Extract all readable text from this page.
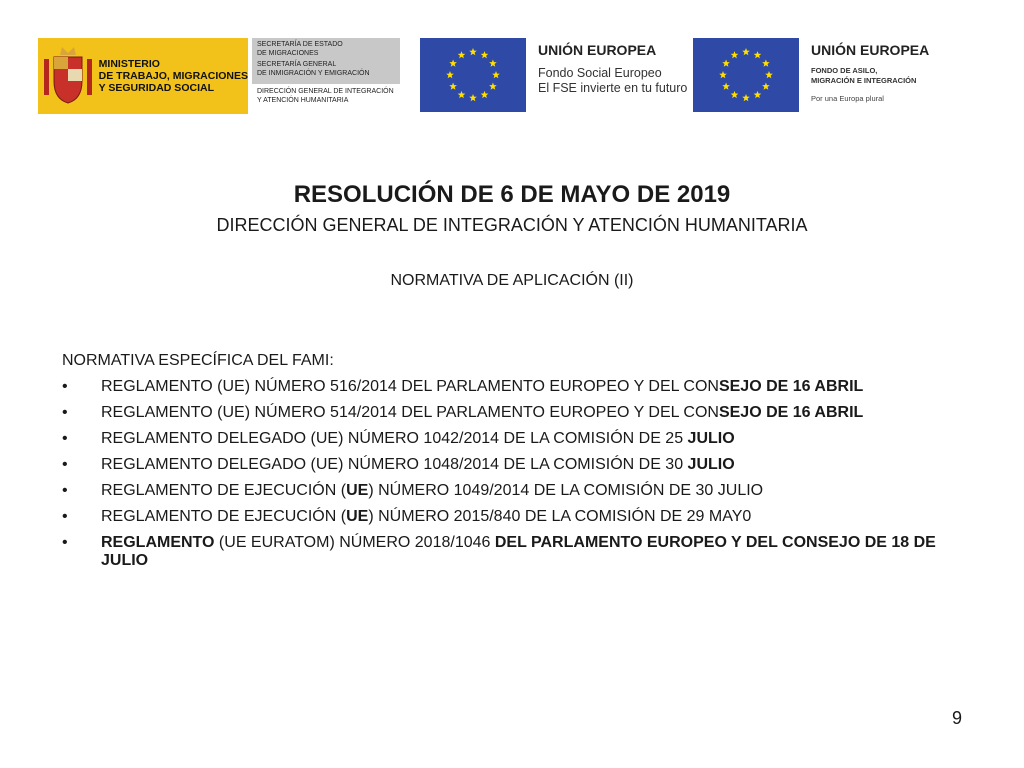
MINISTERIO
DE TRABAJO, MIGRACIONES
Y SEGURIDAD SOCIAL
SECRETARÍA DE ESTADO
DE MIGRACIONES
SECRETARÍA GENERAL
DE INMIGRACIÓN Y EMIGRACIÓN
DIRECCIÓN GENERAL DE INTEGRACIÓN
Y ATENCIÓN HUMANITARIA
UNIÓN EUROPEA
Fondo Social Europeo
El FSE invierte en tu futuro
UNIÓN EUROPEA
FONDO DE ASILO,
MIGRACIÓN E INTEGRACIÓN
Por una Europa plural
RESOLUCIÓN DE 6 DE MAYO DE 2019
DIRECCIÓN GENERAL DE INTEGRACIÓN Y ATENCIÓN HUMANITARIA
NORMATIVA DE APLICACIÓN (II)
NORMATIVA ESPECÍFICA DEL FAMI:
• REGLAMENTO (UE) NÚMERO 516/2014 DEL PARLAMENTO EUROPEO Y DEL CONSEJO DE 16 ABRIL
• REGLAMENTO (UE) NÚMERO 514/2014 DEL PARLAMENTO EUROPEO Y DEL CONSEJO DE 16 ABRIL
• REGLAMENTO DELEGADO (UE) NÚMERO 1042/2014 DE LA COMISIÓN DE 25 JULIO
• REGLAMENTO DELEGADO (UE) NÚMERO 1048/2014 DE LA COMISIÓN DE 30 JULIO
• REGLAMENTO DE EJECUCIÓN (UE) NÚMERO 1049/2014 DE LA COMISIÓN DE 30 JULIO
• REGLAMENTO DE EJECUCIÓN (UE) NÚMERO 2015/840 DE LA COMISIÓN DE 29 MAY0
• REGLAMENTO (UE EURATOM) NÚMERO 2018/1046 DEL PARLAMENTO EUROPEO Y DEL CONSEJO DE 18 DE JULIO
9
